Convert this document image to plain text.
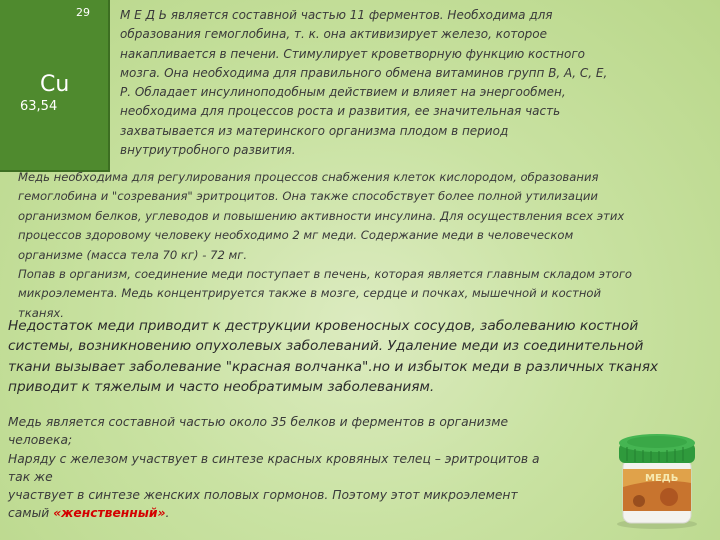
29
Cu
63,54

М Е Д Ь является составной частью 11 ферментов. Необходима для
образования гемоглобина, т. к. она активизирует железо, которое
накапливается в печени. Стимулирует кроветворную функцию костного
мозга. Она необходима для правильного обмена витаминов групп В, А, С, Е,
Р. Обладает инсулиноподобным действием и влияет на энергообмен,
необходима для процессов роста и развития, ее значительная часть
захватывается из материнского организма плодом в период
внутриутробного развития.

Медь необходима для регулирования процессов снабжения клеток кислородом, образования
гемоглобина и "созревания" эритроцитов. Она также способствует более полной утилизации
организмом белков, углеводов и повышению активности инсулина. Для осуществления всех этих
процессов здоровому человеку необходимо 2 мг меди. Содержание меди в человеческом
организме (масса тела 70 кг) - 72 мг.
Попав в организм, соединение меди поступает в печень, которая является главным складом этого
микроэлемента. Медь концентрируется также в мозге, сердце и почках, мышечной и костной
тканях.

Недостаток меди приводит к деструкции кровеносных сосудов, заболеванию костной
системы, возникновению опухолевых заболеваний. Удаление меди из соединительной
ткани вызывает заболевание "красная волчанка".но и избыток меди в различных тканях
приводит к тяжелым и часто необратимым заболеваниям.

Медь является составной частью около 35 белков и ферментов в организме
человека;
Наряду с железом участвует в синтезе красных кровяных телец – эритроцитов а
так же
участвует в синтезе женских половых гормонов. Поэтому этот микроэлемент
самый «женственный».

МЕДЬ
